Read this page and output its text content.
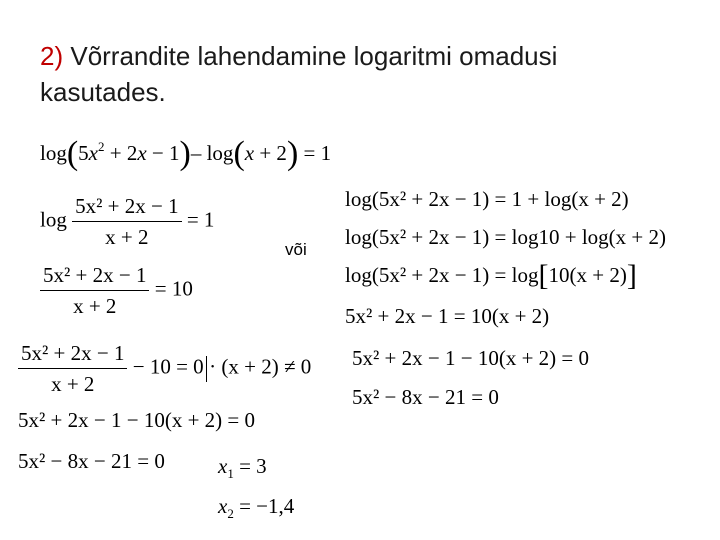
2) Võrrandite lahendamine logaritmi omadusi kasutades.
$\log(5x^2 + 2x - 1)-$ log(x + 2) = 1
$\log \frac{\text{5x² + 2x − 1}}{x + 2} = 1$
$\frac{\text{5x² + 2x − 1}}{x + 2} = 10$
$\frac{\text{5x² + 2x − 1}}{x + 2} - 10 = 0 \cdot (x + 2) \ne 0$
5x² + 2x − 1 − 10(x + 2) = 0
5x² − 8x − 21 = 0	$x_1 = 3$
$x_2 = -1,4$
või
log(5x² + 2x − 1) = 1 + log(x + 2)
log(5x² + 2x − 1) = log10 + log(x + 2)
log(5x² + 2x − 1) = log[10(x + 2)]
5x² + 2x − 1 = 10(x + 2)
5x² + 2x − 1 − 10(x + 2) = 0
5x² − 8x − 21 = 0
